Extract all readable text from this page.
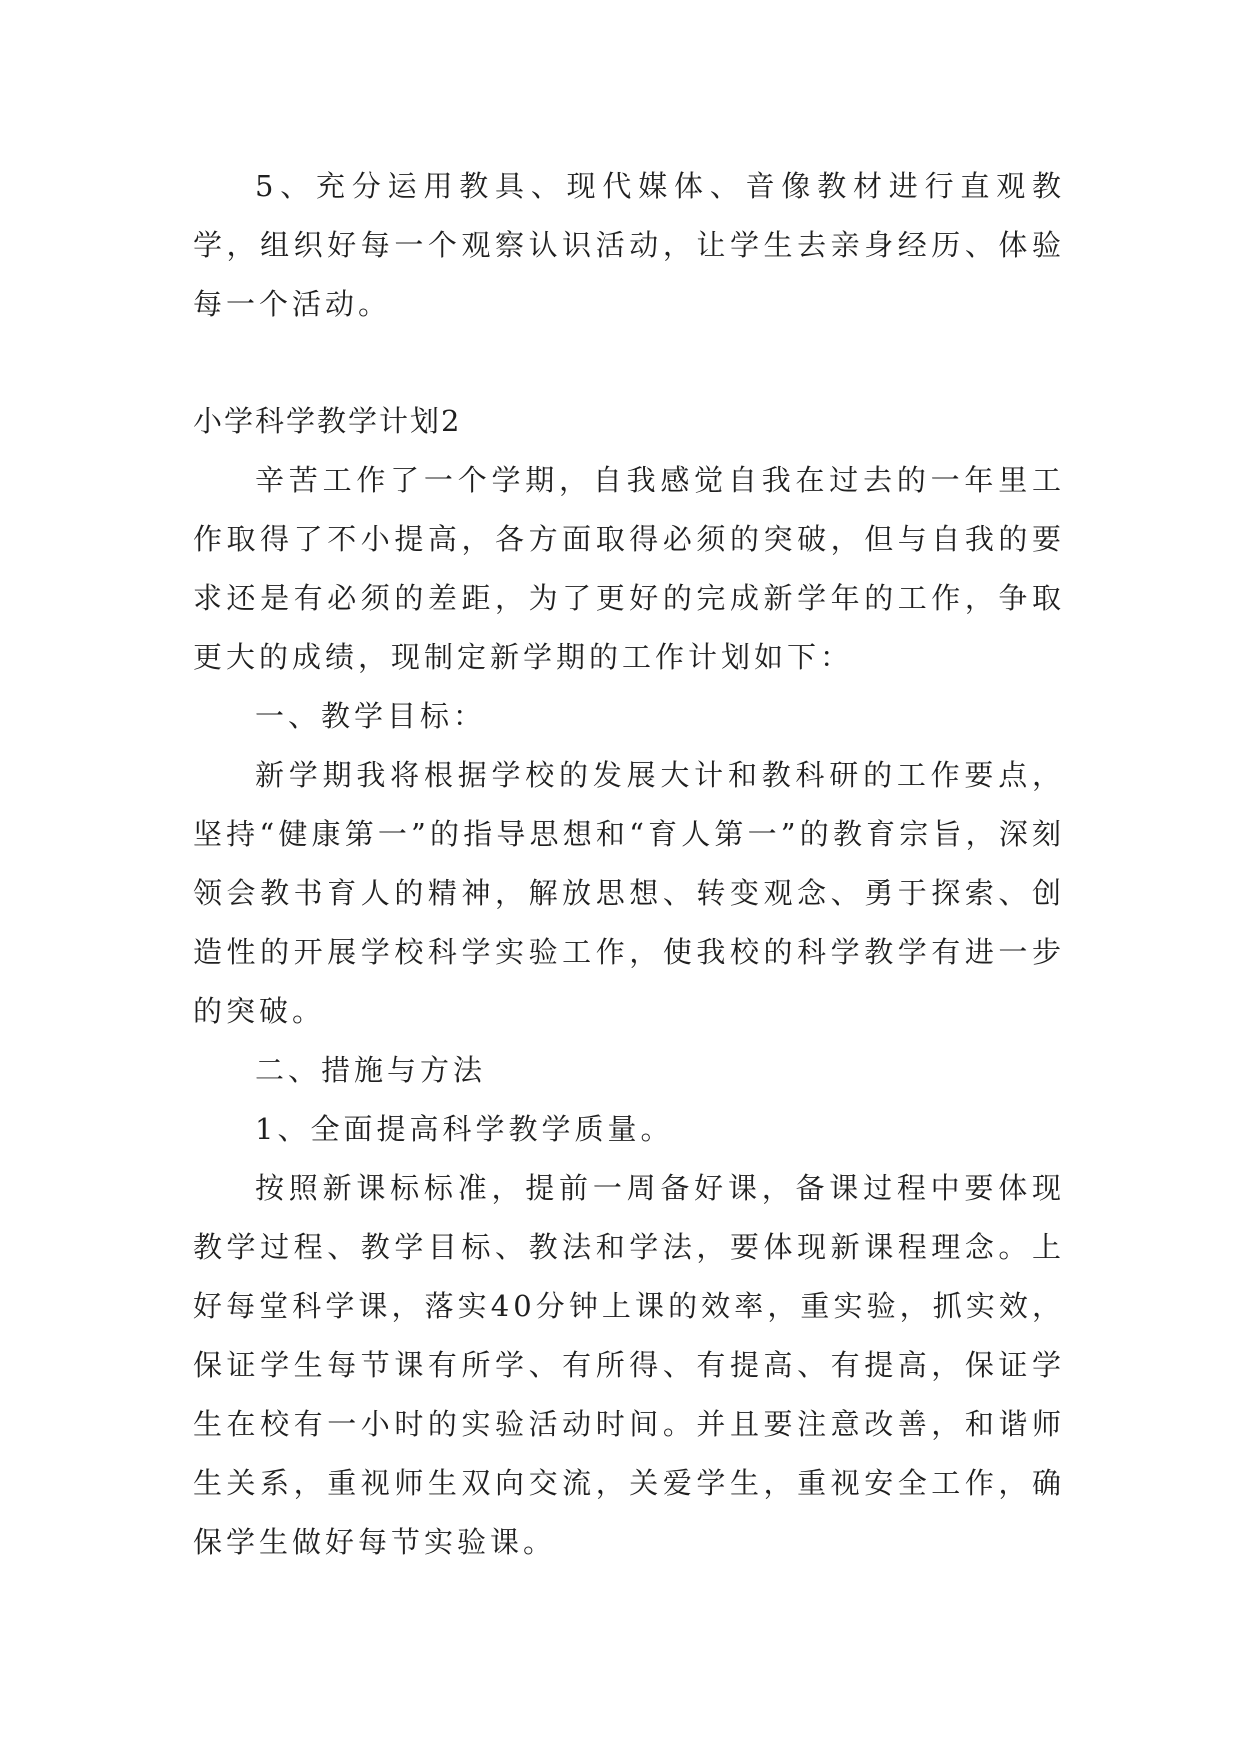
5、充分运用教具、现代媒体、音像教材进行直观教学，组织好每一个观察认识活动，让学生去亲身经历、体验每一个活动。

小学科学教学计划2

辛苦工作了一个学期，自我感觉自我在过去的一年里工作取得了不小提高，各方面取得必须的突破，但与自我的要求还是有必须的差距，为了更好的完成新学年的工作，争取更大的成绩，现制定新学期的工作计划如下：

一、教学目标：

新学期我将根据学校的发展大计和教科研的工作要点，坚持“健康第一”的指导思想和“育人第一”的教育宗旨，深刻领会教书育人的精神，解放思想、转变观念、勇于探索、创造性的开展学校科学实验工作，使我校的科学教学有进一步的突破。

二、措施与方法

1、全面提高科学教学质量。

按照新课标标准，提前一周备好课，备课过程中要体现教学过程、教学目标、教法和学法，要体现新课程理念。上好每堂科学课，落实40分钟上课的效率，重实验，抓实效，保证学生每节课有所学、有所得、有提高、有提高，保证学生在校有一小时的实验活动时间。并且要注意改善，和谐师生关系，重视师生双向交流，关爱学生，重视安全工作，确保学生做好每节实验课。
